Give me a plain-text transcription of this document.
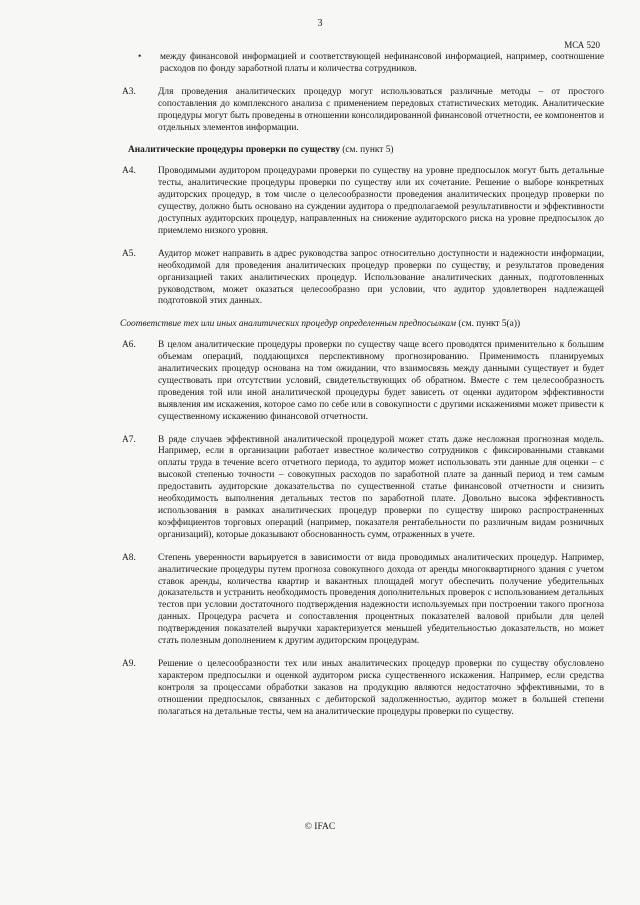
3
МСА 520
• между финансовой информацией и соответствующей нефинансовой информацией, например, соотношение расходов по фонду заработной платы и количества сотрудников.
А3. Для проведения аналитических процедур могут использоваться различные методы – от простого сопоставления до комплексного анализа с применением передовых статистических методик. Аналитические процедуры могут быть проведены в отношении консолидированной финансовой отчетности, ее компонентов и отдельных элементов информации.
Аналитические процедуры проверки по существу (см. пункт 5)
А4. Проводимыми аудитором процедурами проверки по существу на уровне предпосылок могут быть детальные тесты, аналитические процедуры проверки по существу или их сочетание. Решение о выборе конкретных аудиторских процедур, в том числе о целесообразности проведения аналитических процедур проверки по существу, должно быть основано на суждении аудитора о предполагаемой результативности и эффективности доступных аудиторских процедур, направленных на снижение аудиторского риска на уровне предпосылок до приемлемо низкого уровня.
А5. Аудитор может направить в адрес руководства запрос относительно доступности и надежности информации, необходимой для проведения аналитических процедур проверки по существу, и результатов проведения организацией таких аналитических процедур. Использование аналитических данных, подготовленных руководством, может оказаться целесообразно при условии, что аудитор удовлетворен надлежащей подготовкой этих данных.
Соответствие тех или иных аналитических процедур определенным предпосылкам (см. пункт 5(а))
А6. В целом аналитические процедуры проверки по существу чаще всего проводятся применительно к большим объемам операций, поддающихся перспективному прогнозированию. Применимость планируемых аналитических процедур основана на том ожидании, что взаимосвязь между данными существует и будет существовать при отсутствии условий, свидетельствующих об обратном. Вместе с тем целесообразность проведения той или иной аналитической процедуры будет зависеть от оценки аудитором эффективности выявления им искажения, которое само по себе или в совокупности с другими искажениями может привести к существенному искажению финансовой отчетности.
А7. В ряде случаев эффективной аналитической процедурой может стать даже несложная прогнозная модель. Например, если в организации работает известное количество сотрудников с фиксированными ставками оплаты труда в течение всего отчетного периода, то аудитор может использовать эти данные для оценки – с высокой степенью точности – совокупных расходов по заработной плате за данный период и тем самым предоставить аудиторские доказательства по существенной статье финансовой отчетности и снизить необходимость выполнения детальных тестов по заработной плате. Довольно высока эффективность использования в рамках аналитических процедур проверки по существу широко распространенных коэффициентов торговых операций (например, показателя рентабельности по различным видам розничных организаций), которые доказывают обоснованность сумм, отраженных в учете.
А8. Степень уверенности варьируется в зависимости от вида проводимых аналитических процедур. Например, аналитические процедуры путем прогноза совокупного дохода от аренды многоквартирного здания с учетом ставок аренды, количества квартир и вакантных площадей могут обеспечить получение убедительных доказательств и устранить необходимость проведения дополнительных проверок с использованием детальных тестов при условии достаточного подтверждения надежности используемых при построении такого прогноза данных. Процедура расчета и сопоставления процентных показателей валовой прибыли для целей подтверждения показателей выручки характеризуется меньшей убедительностью доказательств, но может стать полезным дополнением к другим аудиторским процедурам.
А9. Решение о целесообразности тех или иных аналитических процедур проверки по существу обусловлено характером предпосылки и оценкой аудитором риска существенного искажения. Например, если средства контроля за процессами обработки заказов на продукцию являются недостаточно эффективными, то в отношении предпосылок, связанных с дебиторской задолженностью, аудитор может в большей степени полагаться на детальные тесты, чем на аналитические процедуры проверки по существу.
© IFAC
